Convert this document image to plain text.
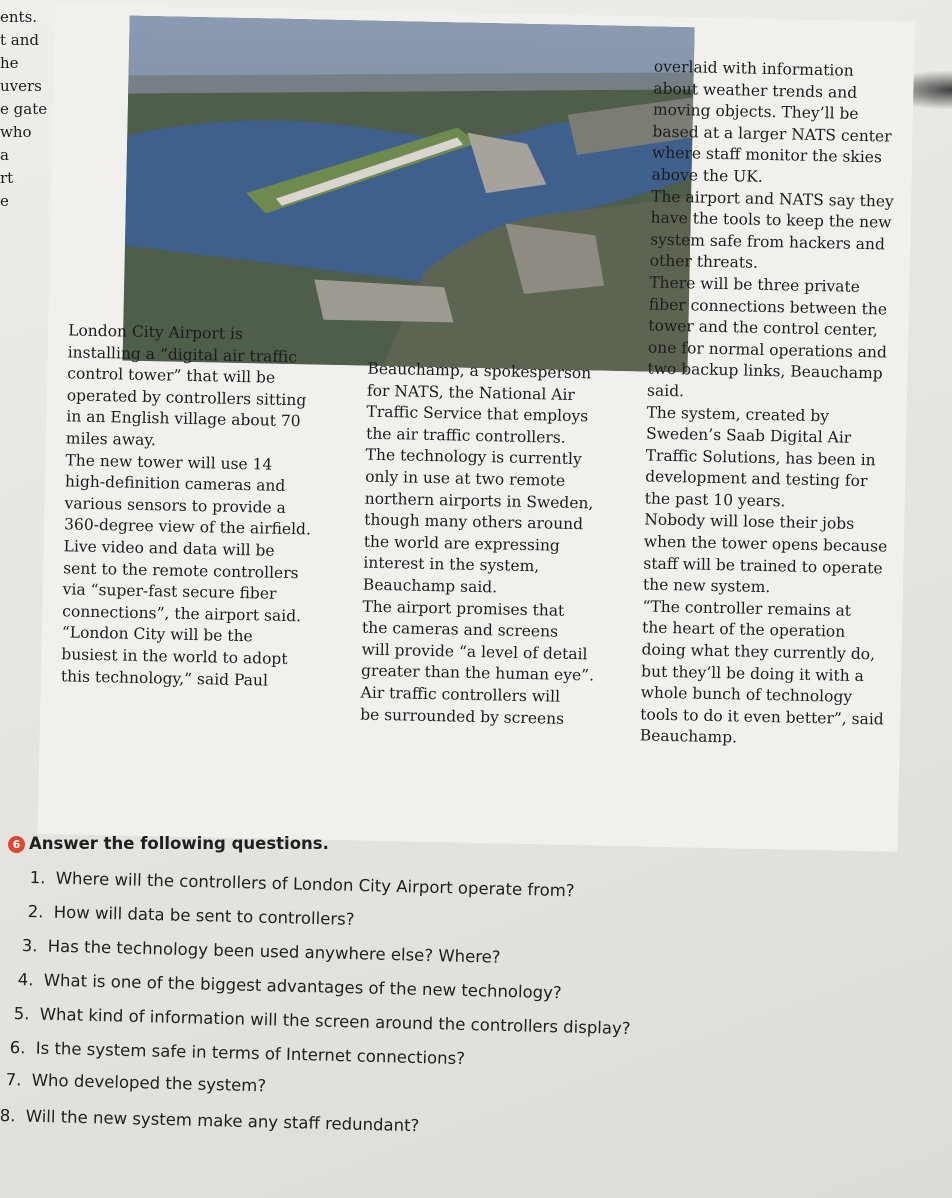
ents.
t and
he
uvers
e gate
who
a
rt
e
London City Airport is
installing a “digital air traffic
control tower” that will be
operated by controllers sitting
in an English village about 70
miles away.
The new tower will use 14
high-definition cameras and
various sensors to provide a
360-degree view of the airfield.
Live video and data will be
sent to the remote controllers
via “super-fast secure fiber
connections”, the airport said.
“London City will be the
busiest in the world to adopt
this technology,” said Paul
Beauchamp, a spokesperson
for NATS, the National Air
Traffic Service that employs
the air traffic controllers.
The technology is currently
only in use at two remote
northern airports in Sweden,
though many others around
the world are expressing
interest in the system,
Beauchamp said.
The airport promises that
the cameras and screens
will provide “a level of detail
greater than the human eye”.
Air traffic controllers will
be surrounded by screens
overlaid with information
about weather trends and
moving objects. They’ll be
based at a larger NATS center
where staff monitor the skies
above the UK.
The airport and NATS say they
have the tools to keep the new
system safe from hackers and
other threats.
There will be three private
fiber connections between the
tower and the control center,
one for normal operations and
two backup links, Beauchamp
said.
The system, created by
Sweden’s Saab Digital Air
Traffic Solutions, has been in
development and testing for
the past 10 years.
Nobody will lose their jobs
when the tower opens because
staff will be trained to operate
the new system.
“The controller remains at
the heart of the operation
doing what they currently do,
but they’ll be doing it with a
whole bunch of technology
tools to do it even better”, said
Beauchamp.
6 Answer the following questions.
1. Where will the controllers of London City Airport operate from?
2. How will data be sent to controllers?
3. Has the technology been used anywhere else? Where?
4. What is one of the biggest advantages of the new technology?
5. What kind of information will the screen around the controllers display?
6. Is the system safe in terms of Internet connections?
7. Who developed the system?
8. Will the new system make any staff redundant?
